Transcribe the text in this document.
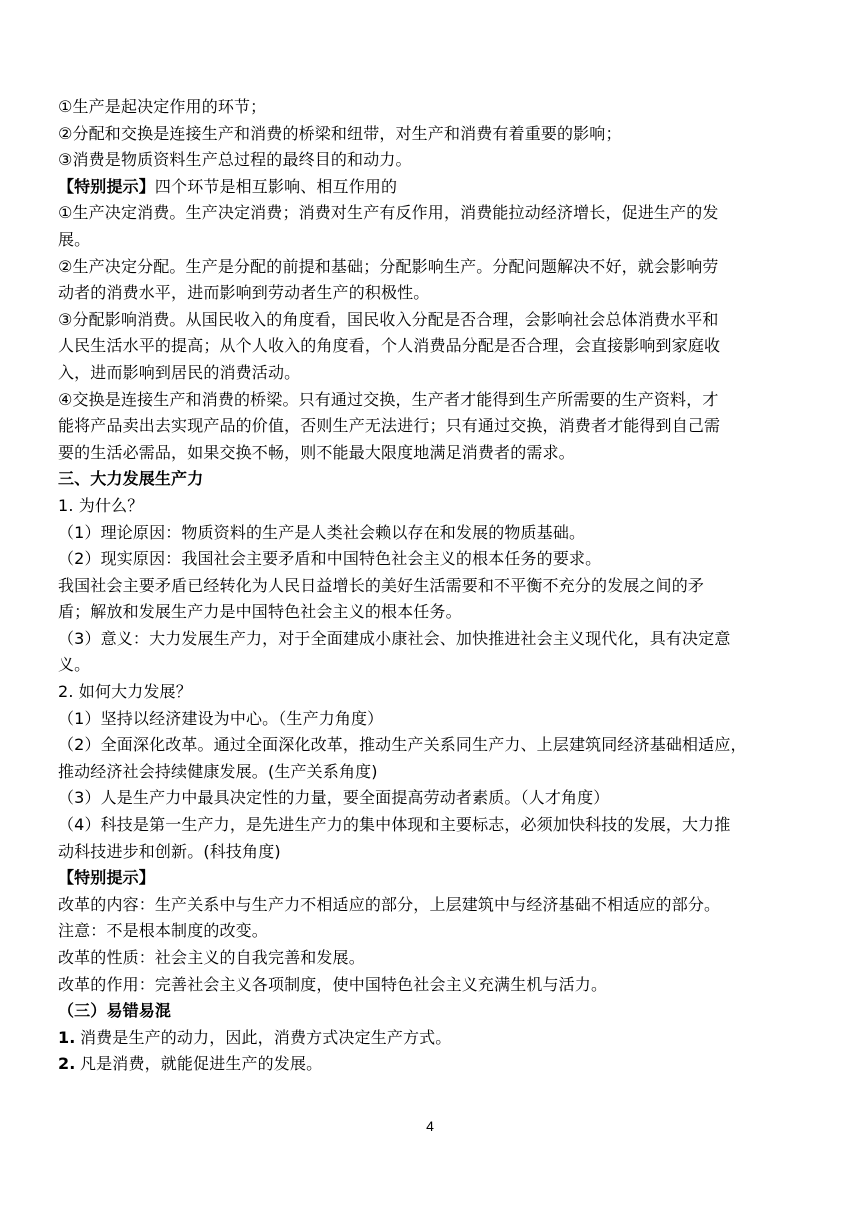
①生产是起决定作用的环节；

②分配和交换是连接生产和消费的桥梁和纽带，对生产和消费有着重要的影响；

③消费是物质资料生产总过程的最终目的和动力。

【特别提示】四个环节是相互影响、相互作用的

①生产决定消费。生产决定消费；消费对生产有反作用，消费能拉动经济增长，促进生产的发

展。

②生产决定分配。生产是分配的前提和基础；分配影响生产。分配问题解决不好，就会影响劳

动者的消费水平，进而影响到劳动者生产的积极性。

③分配影响消费。从国民收入的角度看，国民收入分配是否合理，会影响社会总体消费水平和

人民生活水平的提高；从个人收入的角度看，个人消费品分配是否合理，会直接影响到家庭收

入，进而影响到居民的消费活动。

④交换是连接生产和消费的桥梁。只有通过交换，生产者才能得到生产所需要的生产资料，才

能将产品卖出去实现产品的价值，否则生产无法进行；只有通过交换，消费者才能得到自己需

要的生活必需品，如果交换不畅，则不能最大限度地满足消费者的需求。

三、大力发展生产力

1. 为什么？

（1）理论原因：物质资料的生产是人类社会赖以存在和发展的物质基础。

（2）现实原因：我国社会主要矛盾和中国特色社会主义的根本任务的要求。

我国社会主要矛盾已经转化为人民日益增长的美好生活需要和不平衡不充分的发展之间的矛

盾；解放和发展生产力是中国特色社会主义的根本任务。

（3）意义：大力发展生产力，对于全面建成小康社会、加快推进社会主义现代化，具有决定意

义。

2. 如何大力发展？

（1）坚持以经济建设为中心。（生产力角度）

（2）全面深化改革。通过全面深化改革，推动生产关系同生产力、上层建筑同经济基础相适应，

推动经济社会持续健康发展。(生产关系角度)

（3）人是生产力中最具决定性的力量，要全面提高劳动者素质。（人才角度）

（4）科技是第一生产力，是先进生产力的集中体现和主要标志，必须加快科技的发展，大力推

动科技进步和创新。(科技角度)

【特别提示】

改革的内容：生产关系中与生产力不相适应的部分，上层建筑中与经济基础不相适应的部分。

注意：不是根本制度的改变。

改革的性质：社会主义的自我完善和发展。

改革的作用：完善社会主义各项制度，使中国特色社会主义充满生机与活力。

（三）易错易混

1. 消费是生产的动力，因此，消费方式决定生产方式。

2. 凡是消费，就能促进生产的发展。

4
